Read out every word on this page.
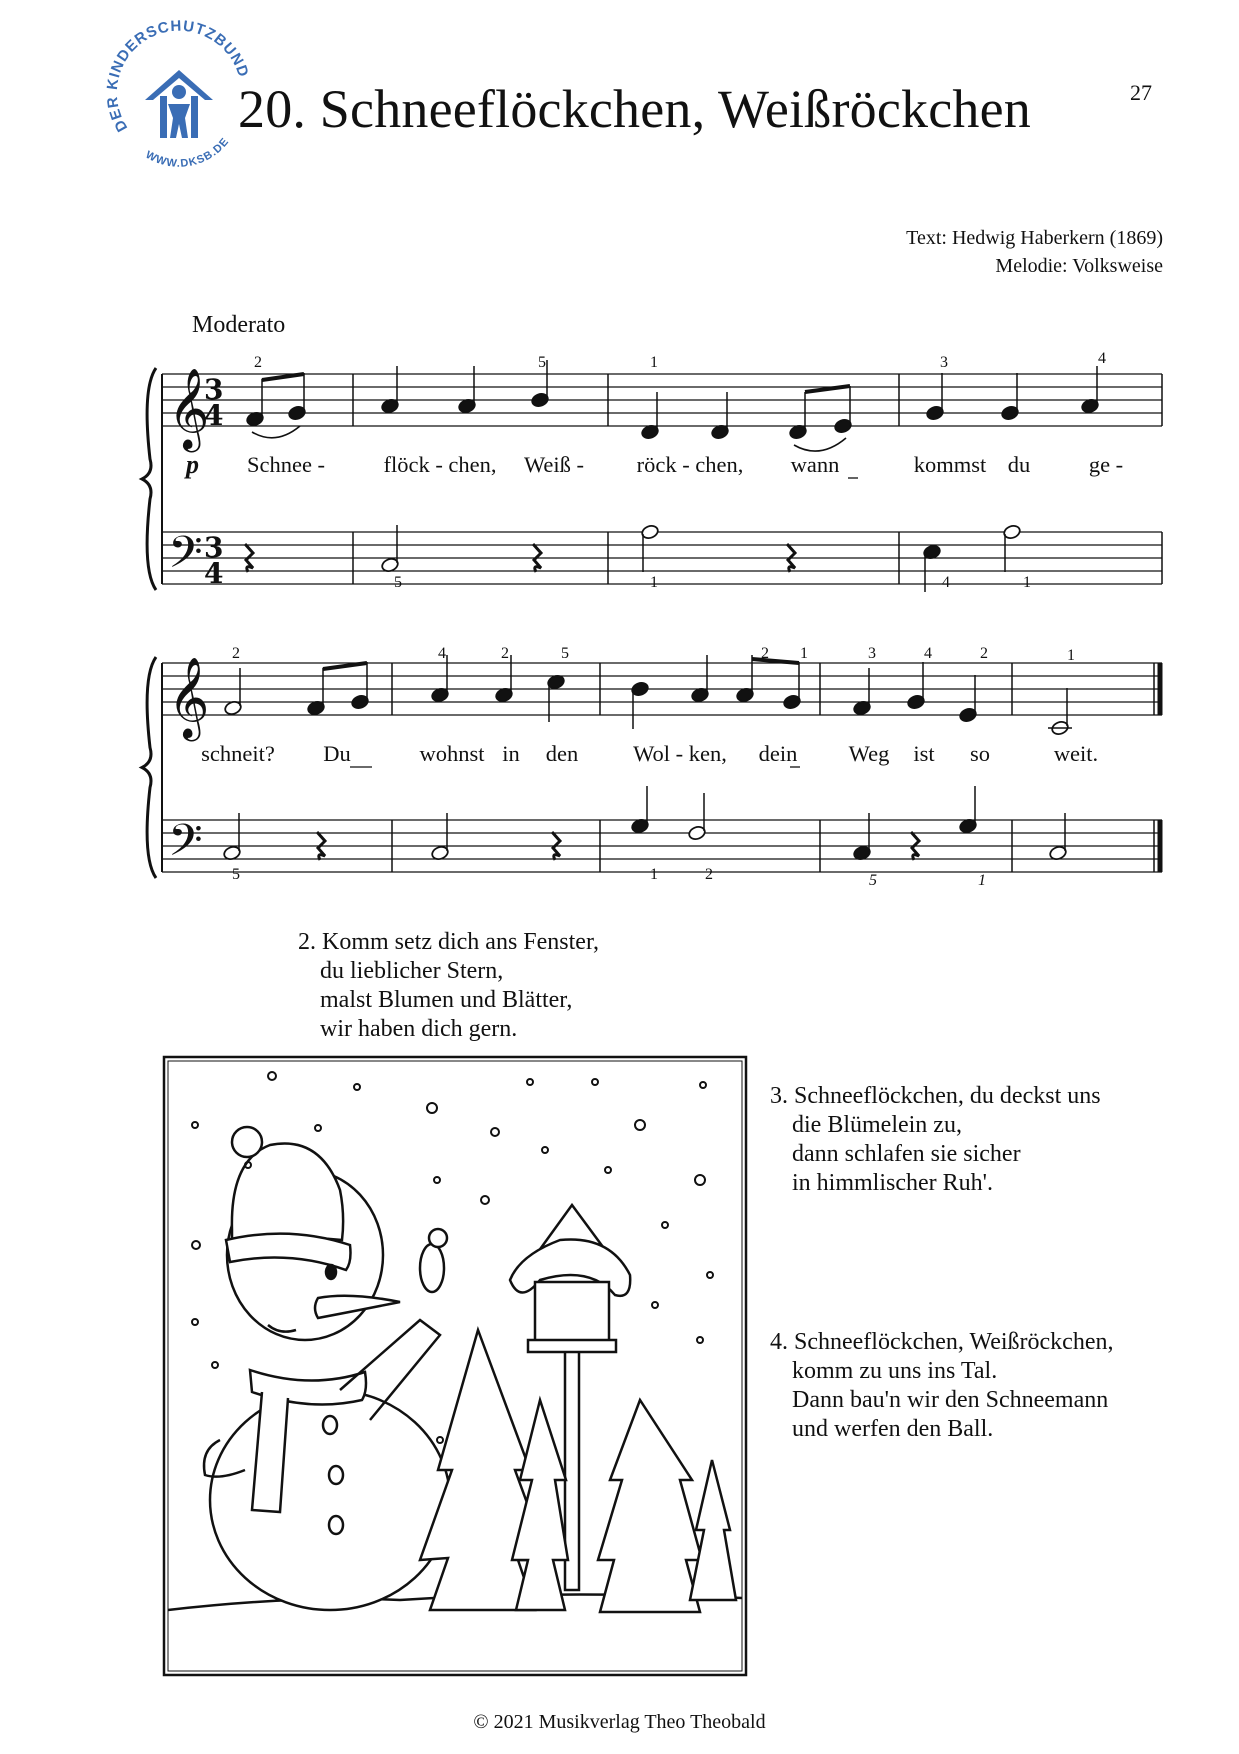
DER KINDERSCHUTZBUND
WWW.DKSB.DE
20. Schneeflöckchen, Weißröckchen	27
Text: Hedwig Haberkern (1869)
Melodie: Volksweise
Moderato
p
𝄞
𝄢
3
4
3
4
𝄞
𝄢
Schnee -	flöck - chen, Weiß - röck - chen, wann	kommst du	ge -
2	5	1	3	4
5	1	4	1
schneit? Du	wohnst in den Wol - ken, dein Weg ist so	weit.
2	4	2	5	2 1	3	4	2	1
5	1	2	5	1
2. Komm setz dich ans Fenster,
du lieblicher Stern,
malst Blumen und Blätter,
wir haben dich gern.
3. Schneeflöckchen, du deckst uns
die Blümelein zu,
dann schlafen sie sicher
in himmlischer Ruh'.
4. Schneeflöckchen, Weißröckchen,
komm zu uns ins Tal.
Dann bau'n wir den Schneemann
und werfen den Ball.
© 2021 Musikverlag Theo Theobald
